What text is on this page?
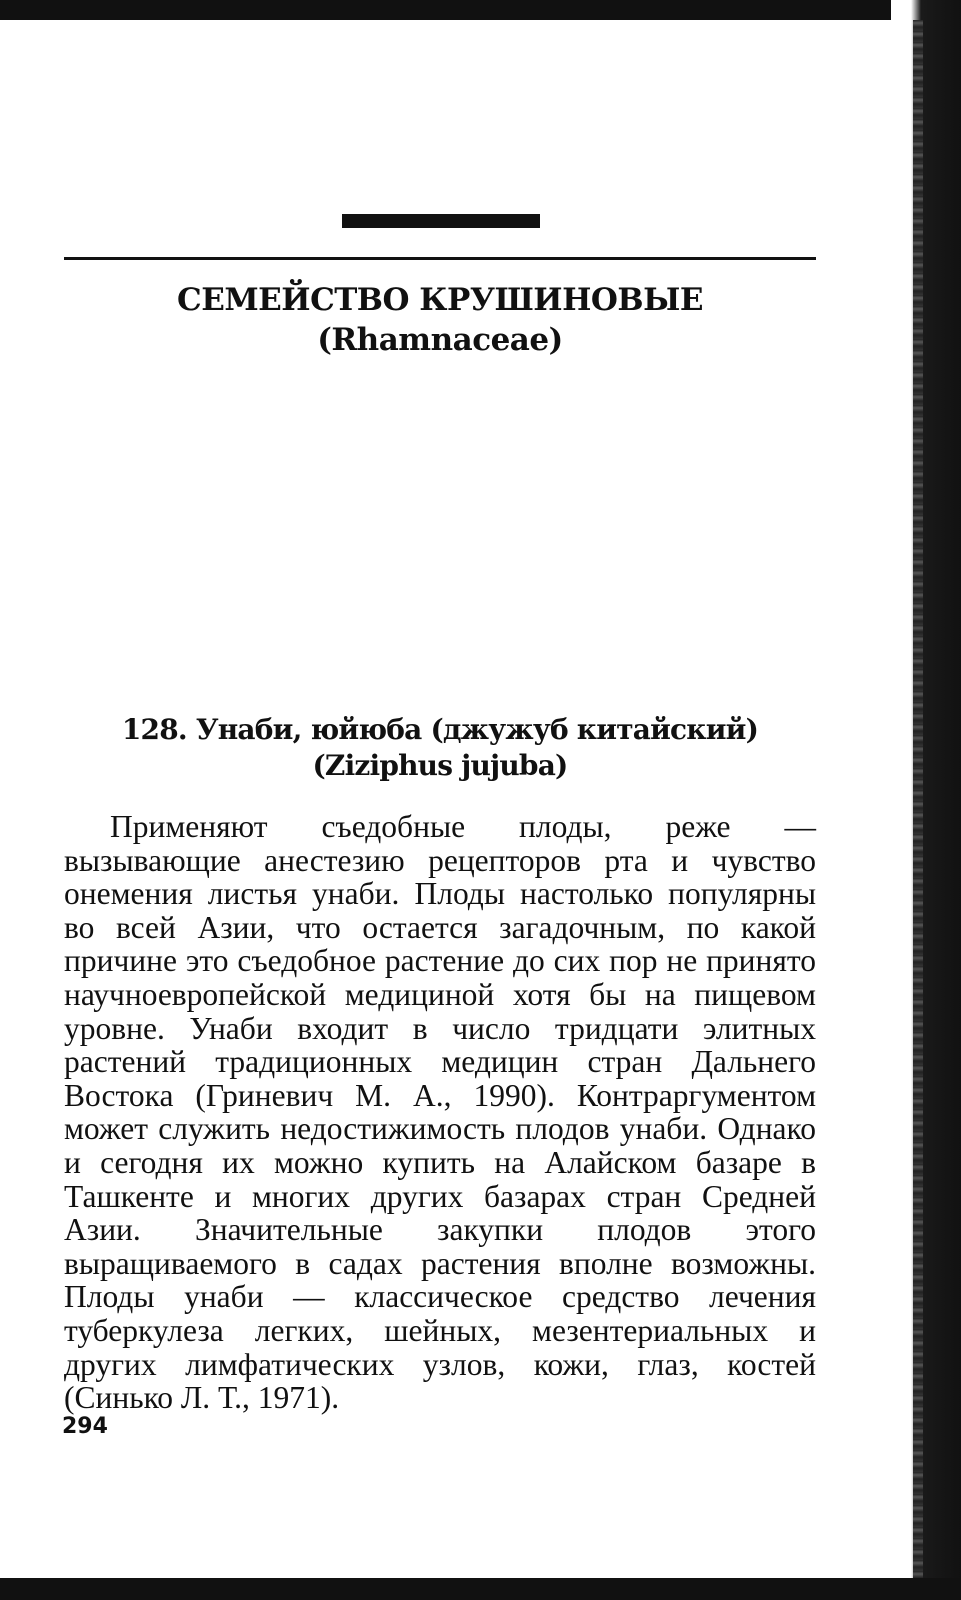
СЕМЕЙСТВО КРУШИНОВЫЕ
(Rhamnaceae)
128. Унаби, юйюба (джужуб китайский)
(Ziziphus jujuba)

Применяют съедобные плоды, реже — вызывающие анестезию рецепторов рта и чувство онемения листья унаби. Плоды настолько популярны во всей Азии, что остается загадочным, по какой причине это съедобное растение до сих пор не принято научноевропейской медициной хотя бы на пищевом уровне. Унаби входит в число тридцати элитных растений традиционных медицин стран Дальнего Востока (Гриневич М. А., 1990). Контраргументом может служить недостижимость плодов унаби. Однако и сегодня их можно купить на Алайском базаре в Ташкенте и многих других базарах стран Средней Азии. Значительные закупки плодов этого выращиваемого в садах растения вполне возможны. Плоды унаби — классическое средство лечения туберкулеза легких, шейных, мезентериальных и других лимфатических узлов, кожи, глаз, костей (Синько Л. Т., 1971).

294
